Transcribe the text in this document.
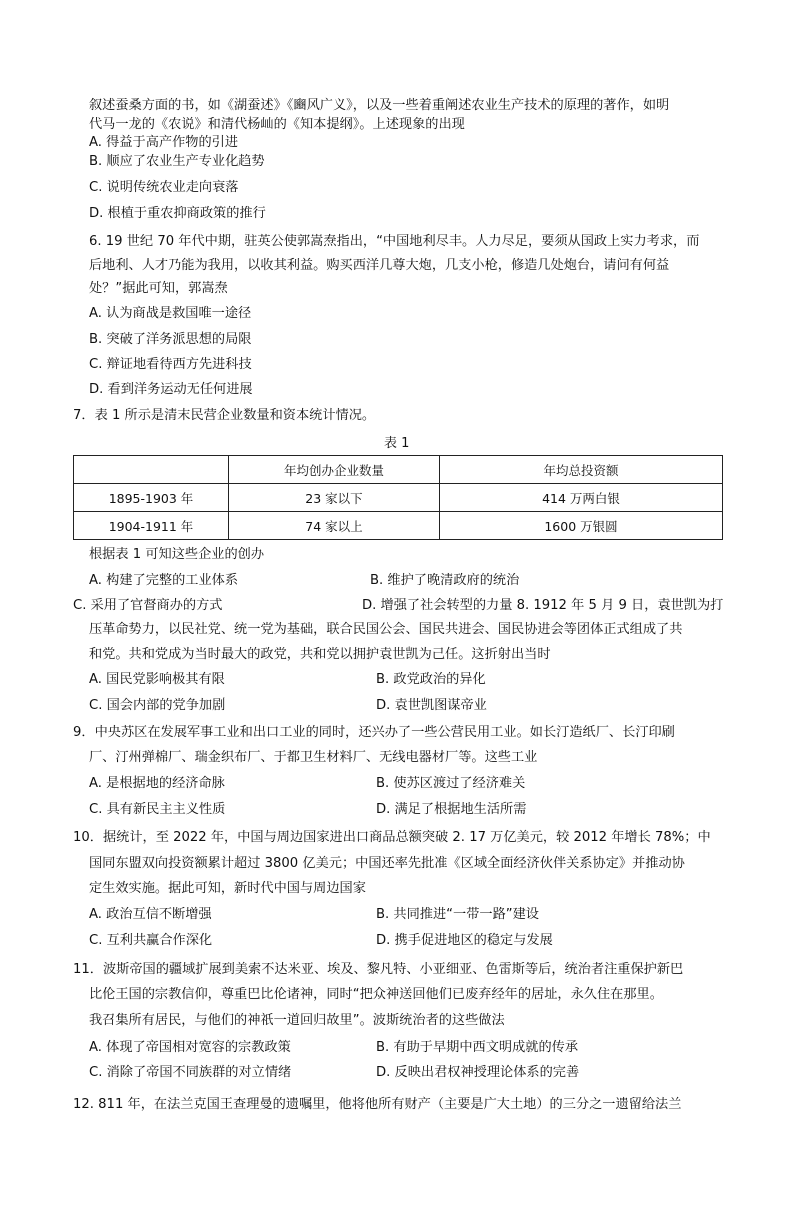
叙述蚕桑方面的书，如《湖蚕述》《豳风广义》，以及一些着重阐述农业生产技术的原理的著作，如明
代马一龙的《农说》和清代杨屾的《知本提纲》。上述现象的出现
A. 得益于高产作物的引进
B. 顺应了农业生产专业化趋势
C. 说明传统农业走向衰落
D. 根植于重农抑商政策的推行
6. 19 世纪 70 年代中期，驻英公使郭嵩焘指出，“中国地利尽丰。人力尽足，要须从国政上实力考求，而
后地利、人才乃能为我用，以收其利益。购买西洋几尊大炮，几支小枪，修造几处炮台，请问有何益
处？”据此可知，郭嵩焘
A. 认为商战是救国唯一途径
B. 突破了洋务派思想的局限
C. 辩证地看待西方先进科技
D. 看到洋务运动无任何进展
7．表 1 所示是清末民营企业数量和资本统计情况。
表 1
	年均创办企业数量	年均总投资额
1895-1903 年	23 家以下	414 万两白银
1904-1911 年	74 家以上	1600 万银圆
根据表 1 可知这些企业的创办
A. 构建了完整的工业体系	B. 维护了晚清政府的统治
C. 采用了官督商办的方式	D. 增强了社会转型的力量 8. 1912 年 5 月 9 日，袁世凯为打
压革命势力，以民社党、统一党为基础，联合民国公会、国民共进会、国民协进会等团体正式组成了共
和党。共和党成为当时最大的政党，共和党以拥护袁世凯为己任。这折射出当时
A. 国民党影响极其有限	B. 政党政治的异化
C. 国会内部的党争加剧	D. 袁世凯图谋帝业
9．中央苏区在发展军事工业和出口工业的同时，还兴办了一些公营民用工业。如长汀造纸厂、长汀印刷
厂、汀州弹棉厂、瑞金织布厂、于都卫生材料厂、无线电器材厂等。这些工业
A. 是根据地的经济命脉	B. 使苏区渡过了经济难关
C. 具有新民主主义性质	D. 满足了根据地生活所需
10．据统计，至 2022 年，中国与周边国家进出口商品总额突破 2. 17 万亿美元，较 2012 年增长 78%；中
国同东盟双向投资额累计超过 3800 亿美元；中国还率先批准《区域全面经济伙伴关系协定》并推动协
定生效实施。据此可知，新时代中国与周边国家
A. 政治互信不断增强	B. 共同推进“一带一路”建设
C. 互利共赢合作深化	D. 携手促进地区的稳定与发展
11．波斯帝国的疆域扩展到美索不达米亚、埃及、黎凡特、小亚细亚、色雷斯等后，统治者注重保护新巴
比伦王国的宗教信仰，尊重巴比伦诸神，同时“把众神送回他们已废弃经年的居址，永久住在那里。
我召集所有居民，与他们的神祇一道回归故里”。波斯统治者的这些做法
A. 体现了帝国相对宽容的宗教政策	B. 有助于早期中西文明成就的传承
C. 消除了帝国不同族群的对立情绪	D. 反映出君权神授理论体系的完善
12. 811 年，在法兰克国王查理曼的遗嘱里，他将他所有财产（主要是广大土地）的三分之一遗留给法兰
